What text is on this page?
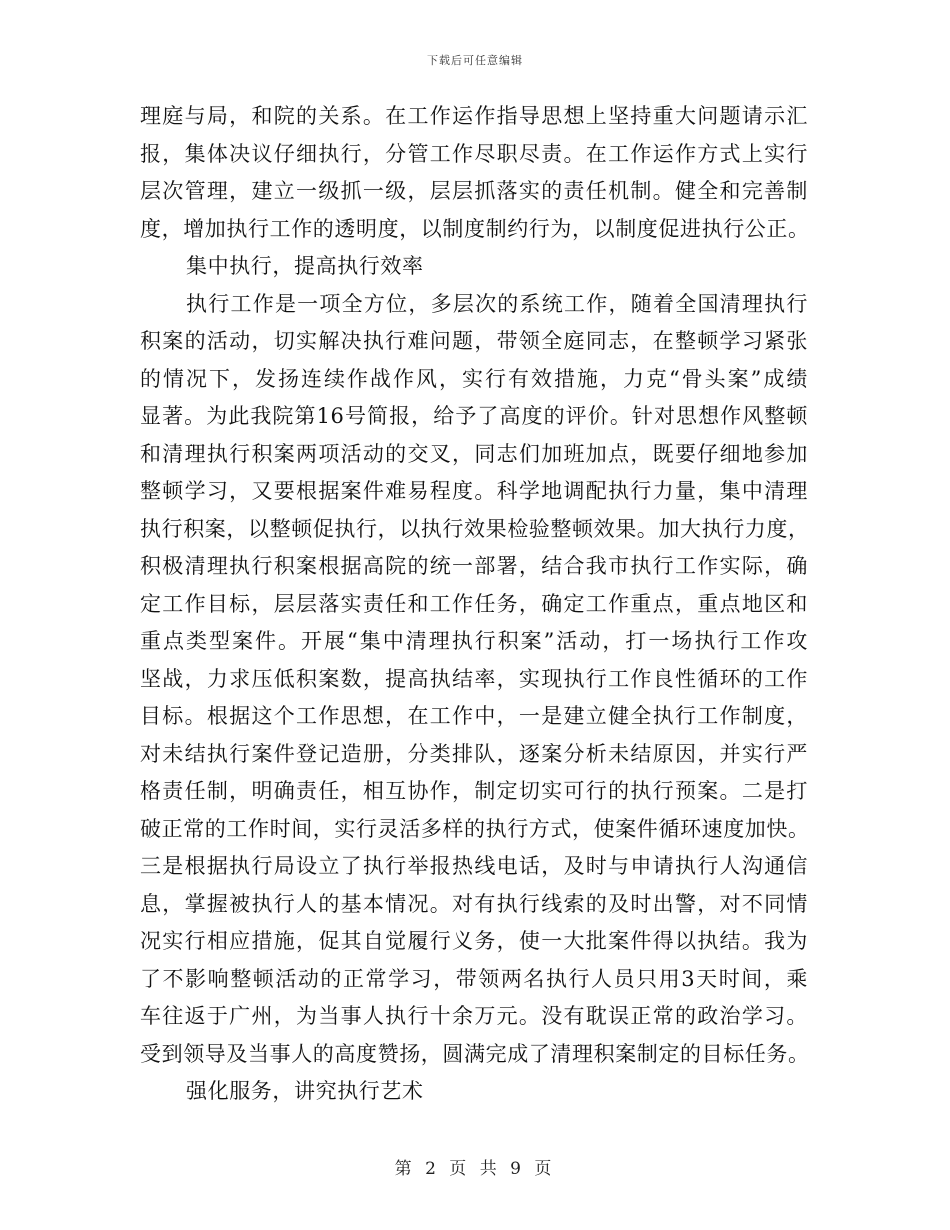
下载后可任意编辑
理庭与局，和院的关系。在工作运作指导思想上坚持重大问题请示汇
报，集体决议仔细执行，分管工作尽职尽责。在工作运作方式上实行
层次管理，建立一级抓一级，层层抓落实的责任机制。健全和完善制
度，增加执行工作的透明度，以制度制约行为，以制度促进执行公正。
集中执行，提高执行效率
执行工作是一项全方位，多层次的系统工作，随着全国清理执行
积案的活动，切实解决执行难问题，带领全庭同志，在整顿学习紧张
的情况下，发扬连续作战作风，实行有效措施，力克“骨头案”成绩
显著。为此我院第16号简报，给予了高度的评价。针对思想作风整顿
和清理执行积案两项活动的交叉，同志们加班加点，既要仔细地参加
整顿学习，又要根据案件难易程度。科学地调配执行力量，集中清理
执行积案，以整顿促执行，以执行效果检验整顿效果。加大执行力度，
积极清理执行积案根据高院的统一部署，结合我市执行工作实际，确
定工作目标，层层落实责任和工作任务，确定工作重点，重点地区和
重点类型案件。开展“集中清理执行积案”活动，打一场执行工作攻
坚战，力求压低积案数，提高执结率，实现执行工作良性循环的工作
目标。根据这个工作思想，在工作中，一是建立健全执行工作制度，
对未结执行案件登记造册，分类排队，逐案分析未结原因，并实行严
格责任制，明确责任，相互协作，制定切实可行的执行预案。二是打
破正常的工作时间，实行灵活多样的执行方式，使案件循环速度加快。
三是根据执行局设立了执行举报热线电话，及时与申请执行人沟通信
息，掌握被执行人的基本情况。对有执行线索的及时出警，对不同情
况实行相应措施，促其自觉履行义务，使一大批案件得以执结。我为
了不影响整顿活动的正常学习，带领两名执行人员只用3天时间，乘
车往返于广州，为当事人执行十余万元。没有耽误正常的政治学习。
受到领导及当事人的高度赞扬，圆满完成了清理积案制定的目标任务。
强化服务，讲究执行艺术
第 2 页 共 9 页
